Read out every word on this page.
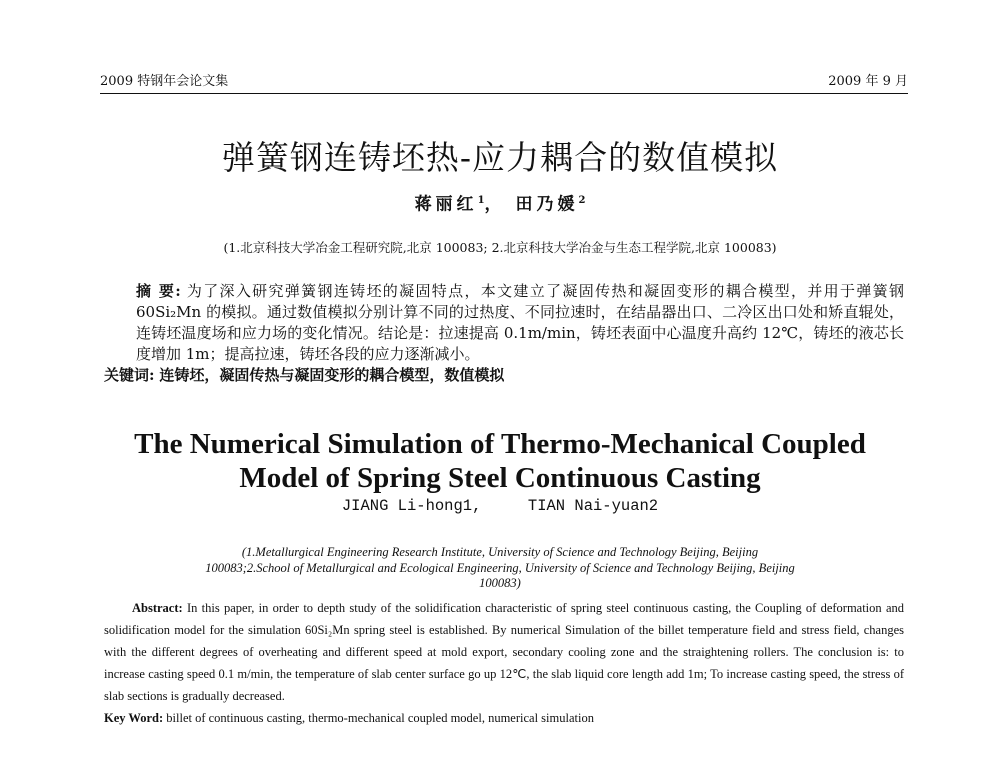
2009 特钢年会论文集	2009 年 9 月
弹簧钢连铸坯热-应力耦合的数值模拟
蒋丽红$^1$， 田乃媛$^2$
(1.北京科技大学冶金工程研究院,北京 100083; 2.北京科技大学冶金与生态工程学院,北京 100083)

摘 要: 为了深入研究弹簧钢连铸坯的凝固特点，本文建立了凝固传热和凝固变形的耦合模型，并用于弹簧钢 60Si₂Mn 的模拟。通过数值模拟分别计算不同的过热度、不同拉速时，在结晶器出口、二冷区出口处和矫直辊处，连铸坯温度场和应力场的变化情况。结论是：拉速提高 0.1m/min，铸坯表面中心温度升高约 12℃，铸坯的液芯长度增加 1m；提高拉速，铸坯各段的应力逐渐减小。

关键词: 连铸坯，凝固传热与凝固变形的耦合模型，数值模拟

The Numerical Simulation of Thermo-Mechanical Coupled
Model of Spring Steel Continuous Casting
JIANG Li-hong1,     TIAN Nai-yuan2
(1.Metallurgical Engineering Research Institute, University of Science and Technology Beijing, Beijing
100083;2.School of Metallurgical and Ecological Engineering, University of Science and Technology Beijing, Beijing
100083)

Abstract: In this paper, in order to depth study of the solidification characteristic of spring steel continuous casting, the Coupling of deformation and solidification model for the simulation 60Si₂Mn spring steel is established. By numerical Simulation of the billet temperature field and stress field, changes with the different degrees of overheating and different speed at mold export, secondary cooling zone and the straightening rollers. The conclusion is: to increase casting speed 0.1 m/min, the temperature of slab center surface go up 12℃, the slab liquid core length add 1m; To increase casting speed, the stress of slab sections is gradually decreased.

Key Word: billet of continuous casting, thermo-mechanical coupled model, numerical simulation
